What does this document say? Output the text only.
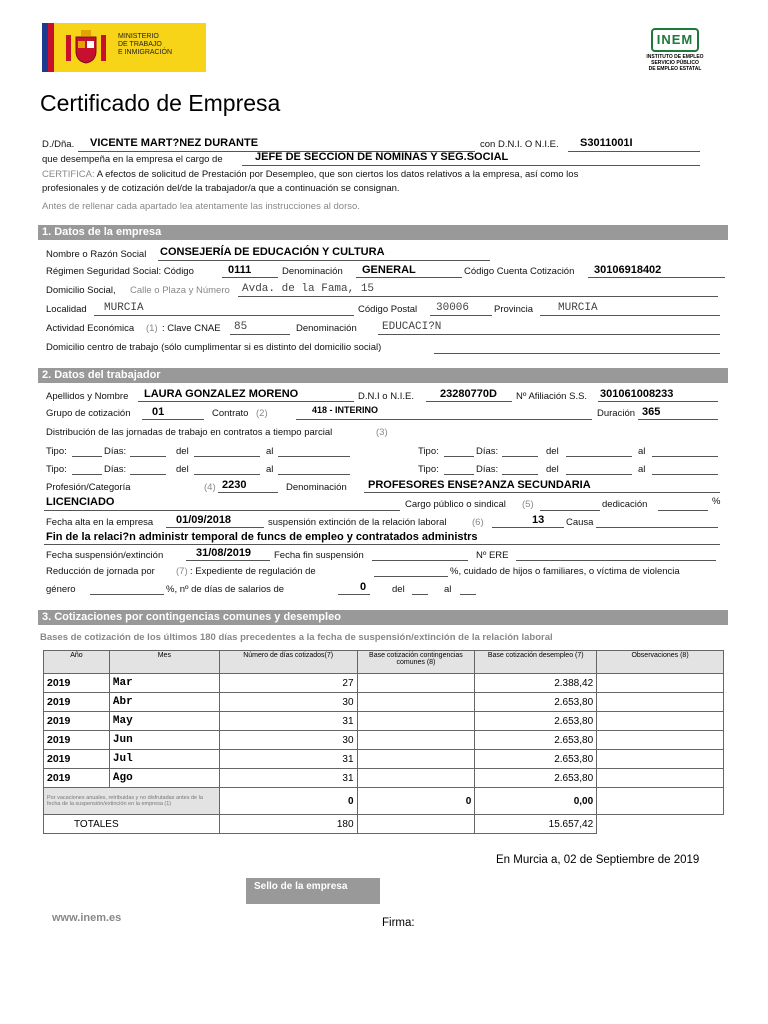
MINISTERIO
DE TRABAJO
E INMIGRACIÓN
INEM
INSTITUTO DE EMPLEO
SERVICIO PÚBLICO
DE EMPLEO ESTATAL
Certificado de Empresa
D./Dña. VICENTE MART?NEZ DURANTE	con D.N.I. O N.I.E. S3011001I
que desempeña en la empresa el cargo de	JEFE DE SECCION DE NOMINAS Y SEG.SOCIAL
CERTIFICA: A efectos de solicitud de Prestación por Desempleo, que son ciertos los datos relativos a la empresa, así como los
profesionales y de cotización del/de la trabajador/a que a continuación se consignan.
Antes de rellenar cada apartado lea atentamente las instrucciones al dorso.
1. Datos de la empresa
Nombre o Razón Social CONSEJERÍA DE EDUCACIÓN Y CULTURA
Régimen Seguridad Social: Código	0111	Denominación GENERAL	Código Cuenta Cotización 30106918402
Domicilio Social, Calle o Plaza y Número Avda. de la Fama, 15
Localidad MURCIA	Código Postal 30006	Provincia MURCIA
Actividad Económica (1) : Clave CNAE 85	Denominación EDUCACI?N
Domicilio centro de trabajo (sólo cumplimentar si es distinto del domicilio social)
2. Datos del trabajador
Apellidos y Nombre LAURA GONZALEZ MORENO	D.N.I o N.I.E. 23280770D Nº Afiliación S.S. 301061008233
Grupo de cotización 01	Contrato (2)	418 - INTERINO	Duración 365
Distribución de las jornadas de trabajo en contratos a tiempo parcial	(3)
Tipo:	Días:	del	al	Tipo:	Días:	del	al
Tipo:	Días:	del	al	Tipo:	Días:	del	al
Profesión/Categoría	(4) 2230	Denominación PROFESORES ENSE?ANZA SECUNDARIA
LICENCIADO	Cargo público o sindical (5)	dedicación	%
Fecha alta en la empresa 01/09/2018	suspensión extinción de la relación laboral	(6)	13 Causa
Fin de la relaci?n administr temporal de funcs de empleo y contratados administrs
Fecha suspensión/extinción	31/08/2019 Fecha fin suspensión	Nº ERE
Reducción de jornada por (7) : Expediente de regulación de	%, cuidado de hijos o familiares, o víctima de violencia
género	%, nº de días de salarios de	0	del	al
3. Cotizaciones por contingencias comunes y desempleo
Bases de cotización de los últimos 180 días precedentes a la fecha de suspensión/extinción de la relación laboral
Año	Mes	Número de días cotizados(7)	Base cotización contingencias comunes (8)	Base cotización desempleo (7)	Observaciones (8)
2019	Mar	27		2.388,42	
2019	Abr	30		2.653,80	
2019	May	31		2.653,80	
2019	Jun	30		2.653,80	
2019	Jul	31		2.653,80	
2019	Ago	31		2.653,80	
Por vacaciones anuales, retribuidas y no disfrutadas antes de la fecha de la suspensión/extinción en la empresa (1)		0	0	0,00	
TOTALES		180		15.657,42	
En Murcia a, 02 de Septiembre de 2019
Sello de la empresa
www.inem.es	Firma:
